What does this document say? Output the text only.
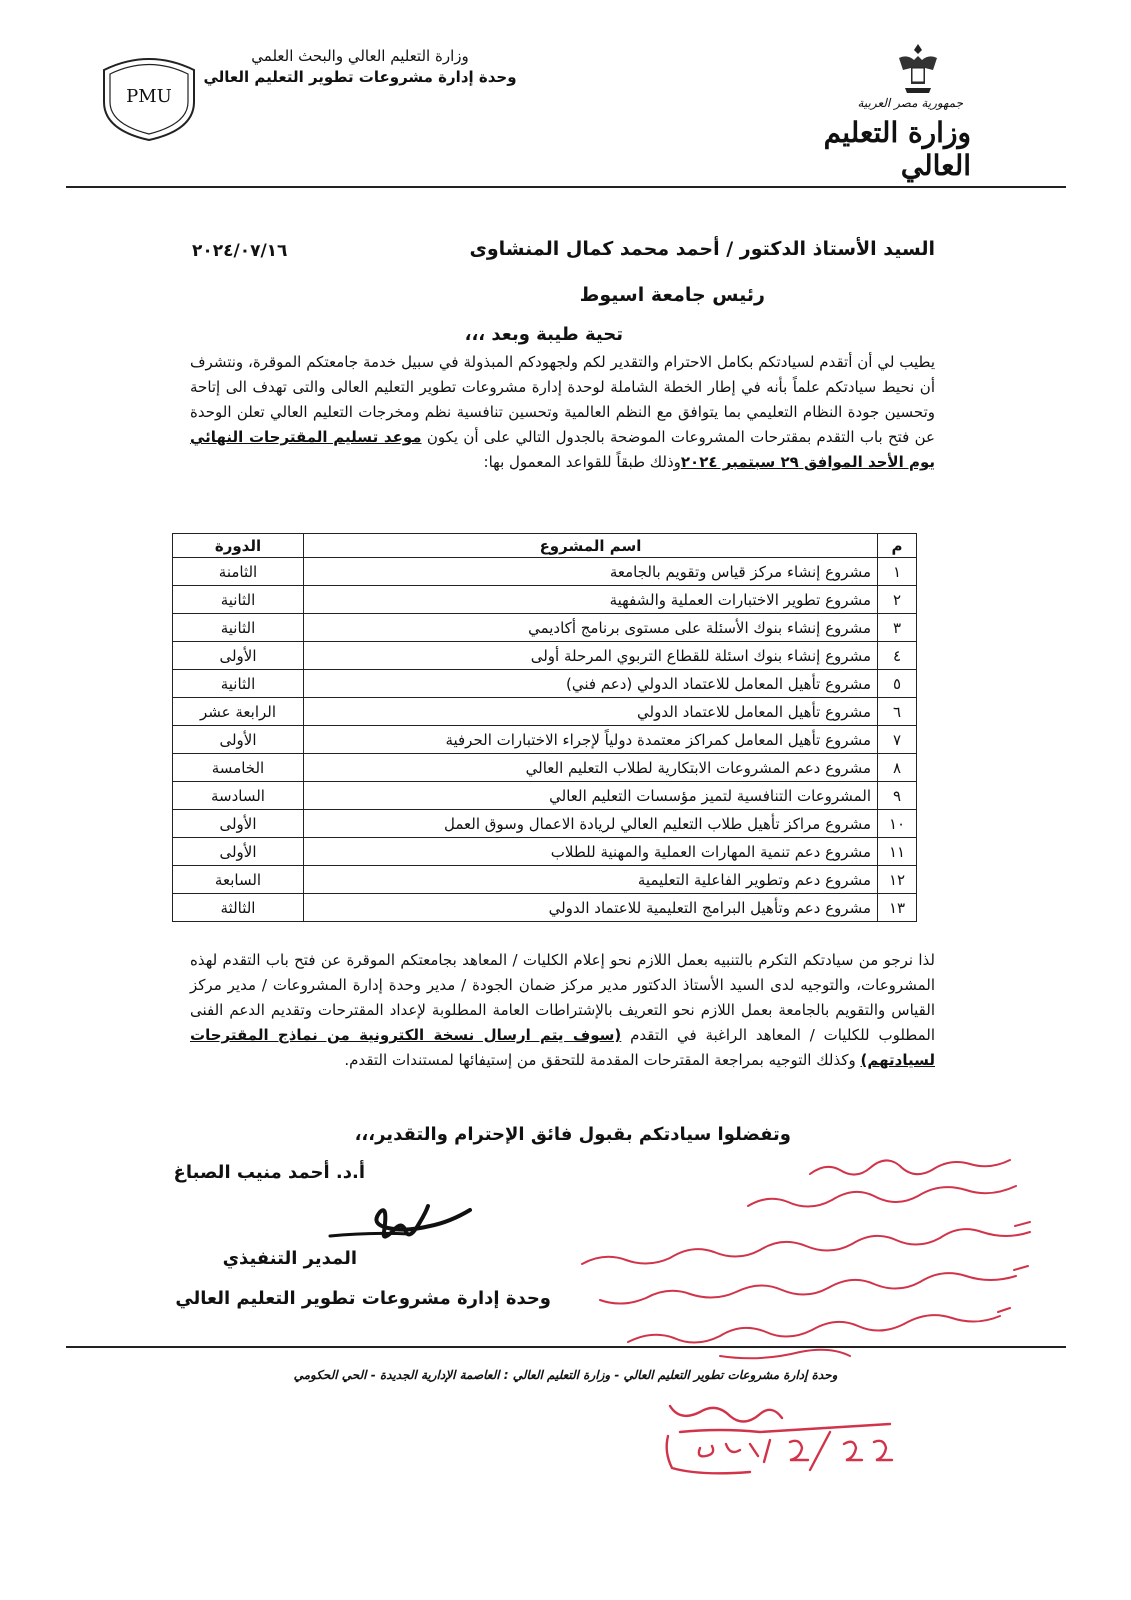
وزارة التعليم العالي والبحث العلمي
وحدة إدارة مشروعات تطوير التعليم العالي
PMU	جمهورية مصر العربية
وزارة التعليم العالي
السيد الأستاذ الدكتور / أحمد محمد كمال المنشاوى
٢٠٢٤/٠٧/١٦
رئيس جامعة اسيوط
تحية طيبة وبعد ،،،
يطيب لي أن أتقدم لسيادتكم بكامل الاحترام والتقدير لكم ولجهودكم المبذولة في سبيل خدمة جامعتكم الموقرة، ونتشرف أن نحيط سيادتكم علماً بأنه في إطار الخطة الشاملة لوحدة إدارة مشروعات تطوير التعليم العالى والتى تهدف الى إتاحة وتحسين جودة النظام التعليمي بما يتوافق مع النظم العالمية وتحسين تنافسية نظم ومخرجات التعليم العالي تعلن الوحدة عن فتح باب التقدم بمقترحات المشروعات الموضحة بالجدول التالي على أن يكون موعد تسليم المقترحات النهائي يوم الأحد الموافق ٢٩ سبتمبر ٢٠٢٤وذلك طبقاً للقواعد المعمول بها:
م	اسم المشروع	الدورة
١	مشروع إنشاء مركز قياس وتقويم بالجامعة	الثامنة
٢	مشروع تطوير الاختبارات العملية والشفهية	الثانية
٣	مشروع إنشاء بنوك الأسئلة على مستوى برنامج أكاديمي	الثانية
٤	مشروع إنشاء بنوك اسئلة للقطاع التربوي المرحلة أولى	الأولى
٥	مشروع تأهيل المعامل للاعتماد الدولي (دعم فني)	الثانية
٦	مشروع تأهيل المعامل للاعتماد الدولي	الرابعة عشر
٧	مشروع تأهيل المعامل كمراكز معتمدة دولياً لإجراء الاختبارات الحرفية	الأولى
٨	مشروع دعم المشروعات الابتكارية لطلاب التعليم العالي	الخامسة
٩	المشروعات التنافسية لتميز مؤسسات التعليم العالي	السادسة
١٠	مشروع مراكز تأهيل طلاب التعليم العالي لريادة الاعمال وسوق العمل	الأولى
١١	مشروع دعم تنمية المهارات العملية والمهنية للطلاب	الأولى
١٢	مشروع دعم وتطوير الفاعلية التعليمية	السابعة
١٣	مشروع دعم وتأهيل البرامج التعليمية للاعتماد الدولي	الثالثة
لذا نرجو من سيادتكم التكرم بالتنبيه بعمل اللازم نحو إعلام الكليات / المعاهد بجامعتكم الموقرة عن فتح باب التقدم لهذه المشروعات، والتوجيه لدى السيد الأستاذ الدكتور مدير مركز ضمان الجودة / مدير وحدة إدارة المشروعات / مدير مركز القياس والتقويم بالجامعة بعمل اللازم نحو التعريف بالإشتراطات العامة المطلوبة لإعداد المقترحات وتقديم الدعم الفنى المطلوب للكليات / المعاهد الراغبة في التقدم (سوف يتم ارسال نسخة الكترونية من نماذج المقترحات لسيادتهم) وكذلك التوجيه بمراجعة المقترحات المقدمة للتحقق من إستيفائها لمستندات التقدم.
وتفضلوا سيادتكم بقبول فائق الإحترام والتقدير،،،
أ.د. أحمد منيب الصباغ
المدير التنفيذي
وحدة إدارة مشروعات تطوير التعليم العالي
وحدة إدارة مشروعات تطوير التعليم العالي - وزارة التعليم العالي : العاصمة الإدارية الجديدة - الحي الحكومي
